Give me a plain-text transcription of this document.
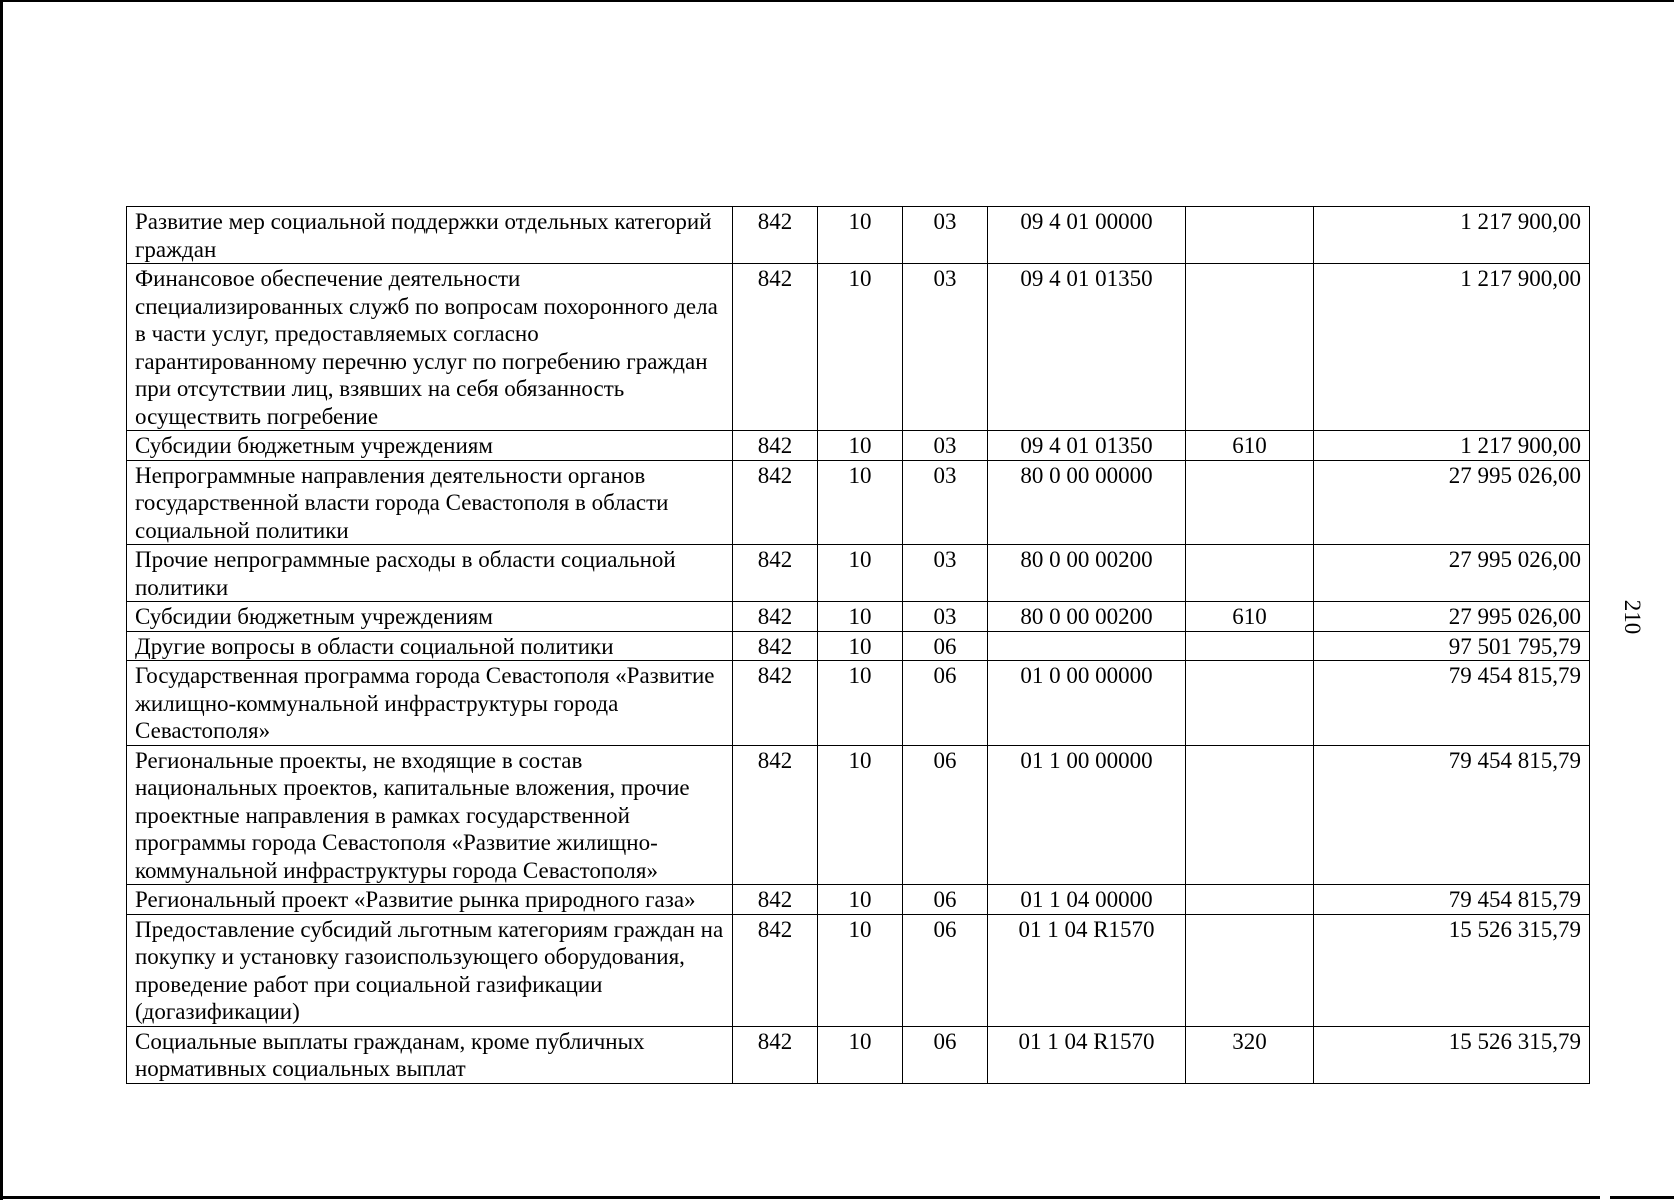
Развитие мер социальной поддержки отдельных категорий граждан	842	10	03	09 4 01 00000		1 217 900,00
Финансовое обеспечение деятельности специализированных служб по вопросам похоронного дела в части услуг, предоставляемых согласно гарантированному перечню услуг по погребению граждан при отсутствии лиц, взявших на себя обязанность осуществить погребение	842	10	03	09 4 01 01350		1 217 900,00
Субсидии бюджетным учреждениям	842	10	03	09 4 01 01350	610	1 217 900,00
Непрограммные направления деятельности органов государственной власти города Севастополя в области социальной политики	842	10	03	80 0 00 00000		27 995 026,00
Прочие непрограммные расходы в области социальной политики	842	10	03	80 0 00 00200		27 995 026,00
Субсидии бюджетным учреждениям	842	10	03	80 0 00 00200	610	27 995 026,00
Другие вопросы в области социальной политики	842	10	06			97 501 795,79
Государственная программа города Севастополя «Развитие жилищно-коммунальной инфраструктуры города Севастополя»	842	10	06	01 0 00 00000		79 454 815,79
Региональные проекты, не входящие в состав национальных проектов, капитальные вложения, прочие проектные направления в рамках государственной программы города Севастополя «Развитие жилищно-коммунальной инфраструктуры города Севастополя»	842	10	06	01 1 00 00000		79 454 815,79
Региональный проект «Развитие рынка природного газа»	842	10	06	01 1 04 00000		79 454 815,79
Предоставление субсидий льготным категориям граждан на покупку и установку газоиспользующего оборудования, проведение работ при социальной газификации (догазификации)	842	10	06	01 1 04 R1570		15 526 315,79
Социальные выплаты гражданам, кроме публичных нормативных социальных выплат	842	10	06	01 1 04 R1570	320	15 526 315,79
210
